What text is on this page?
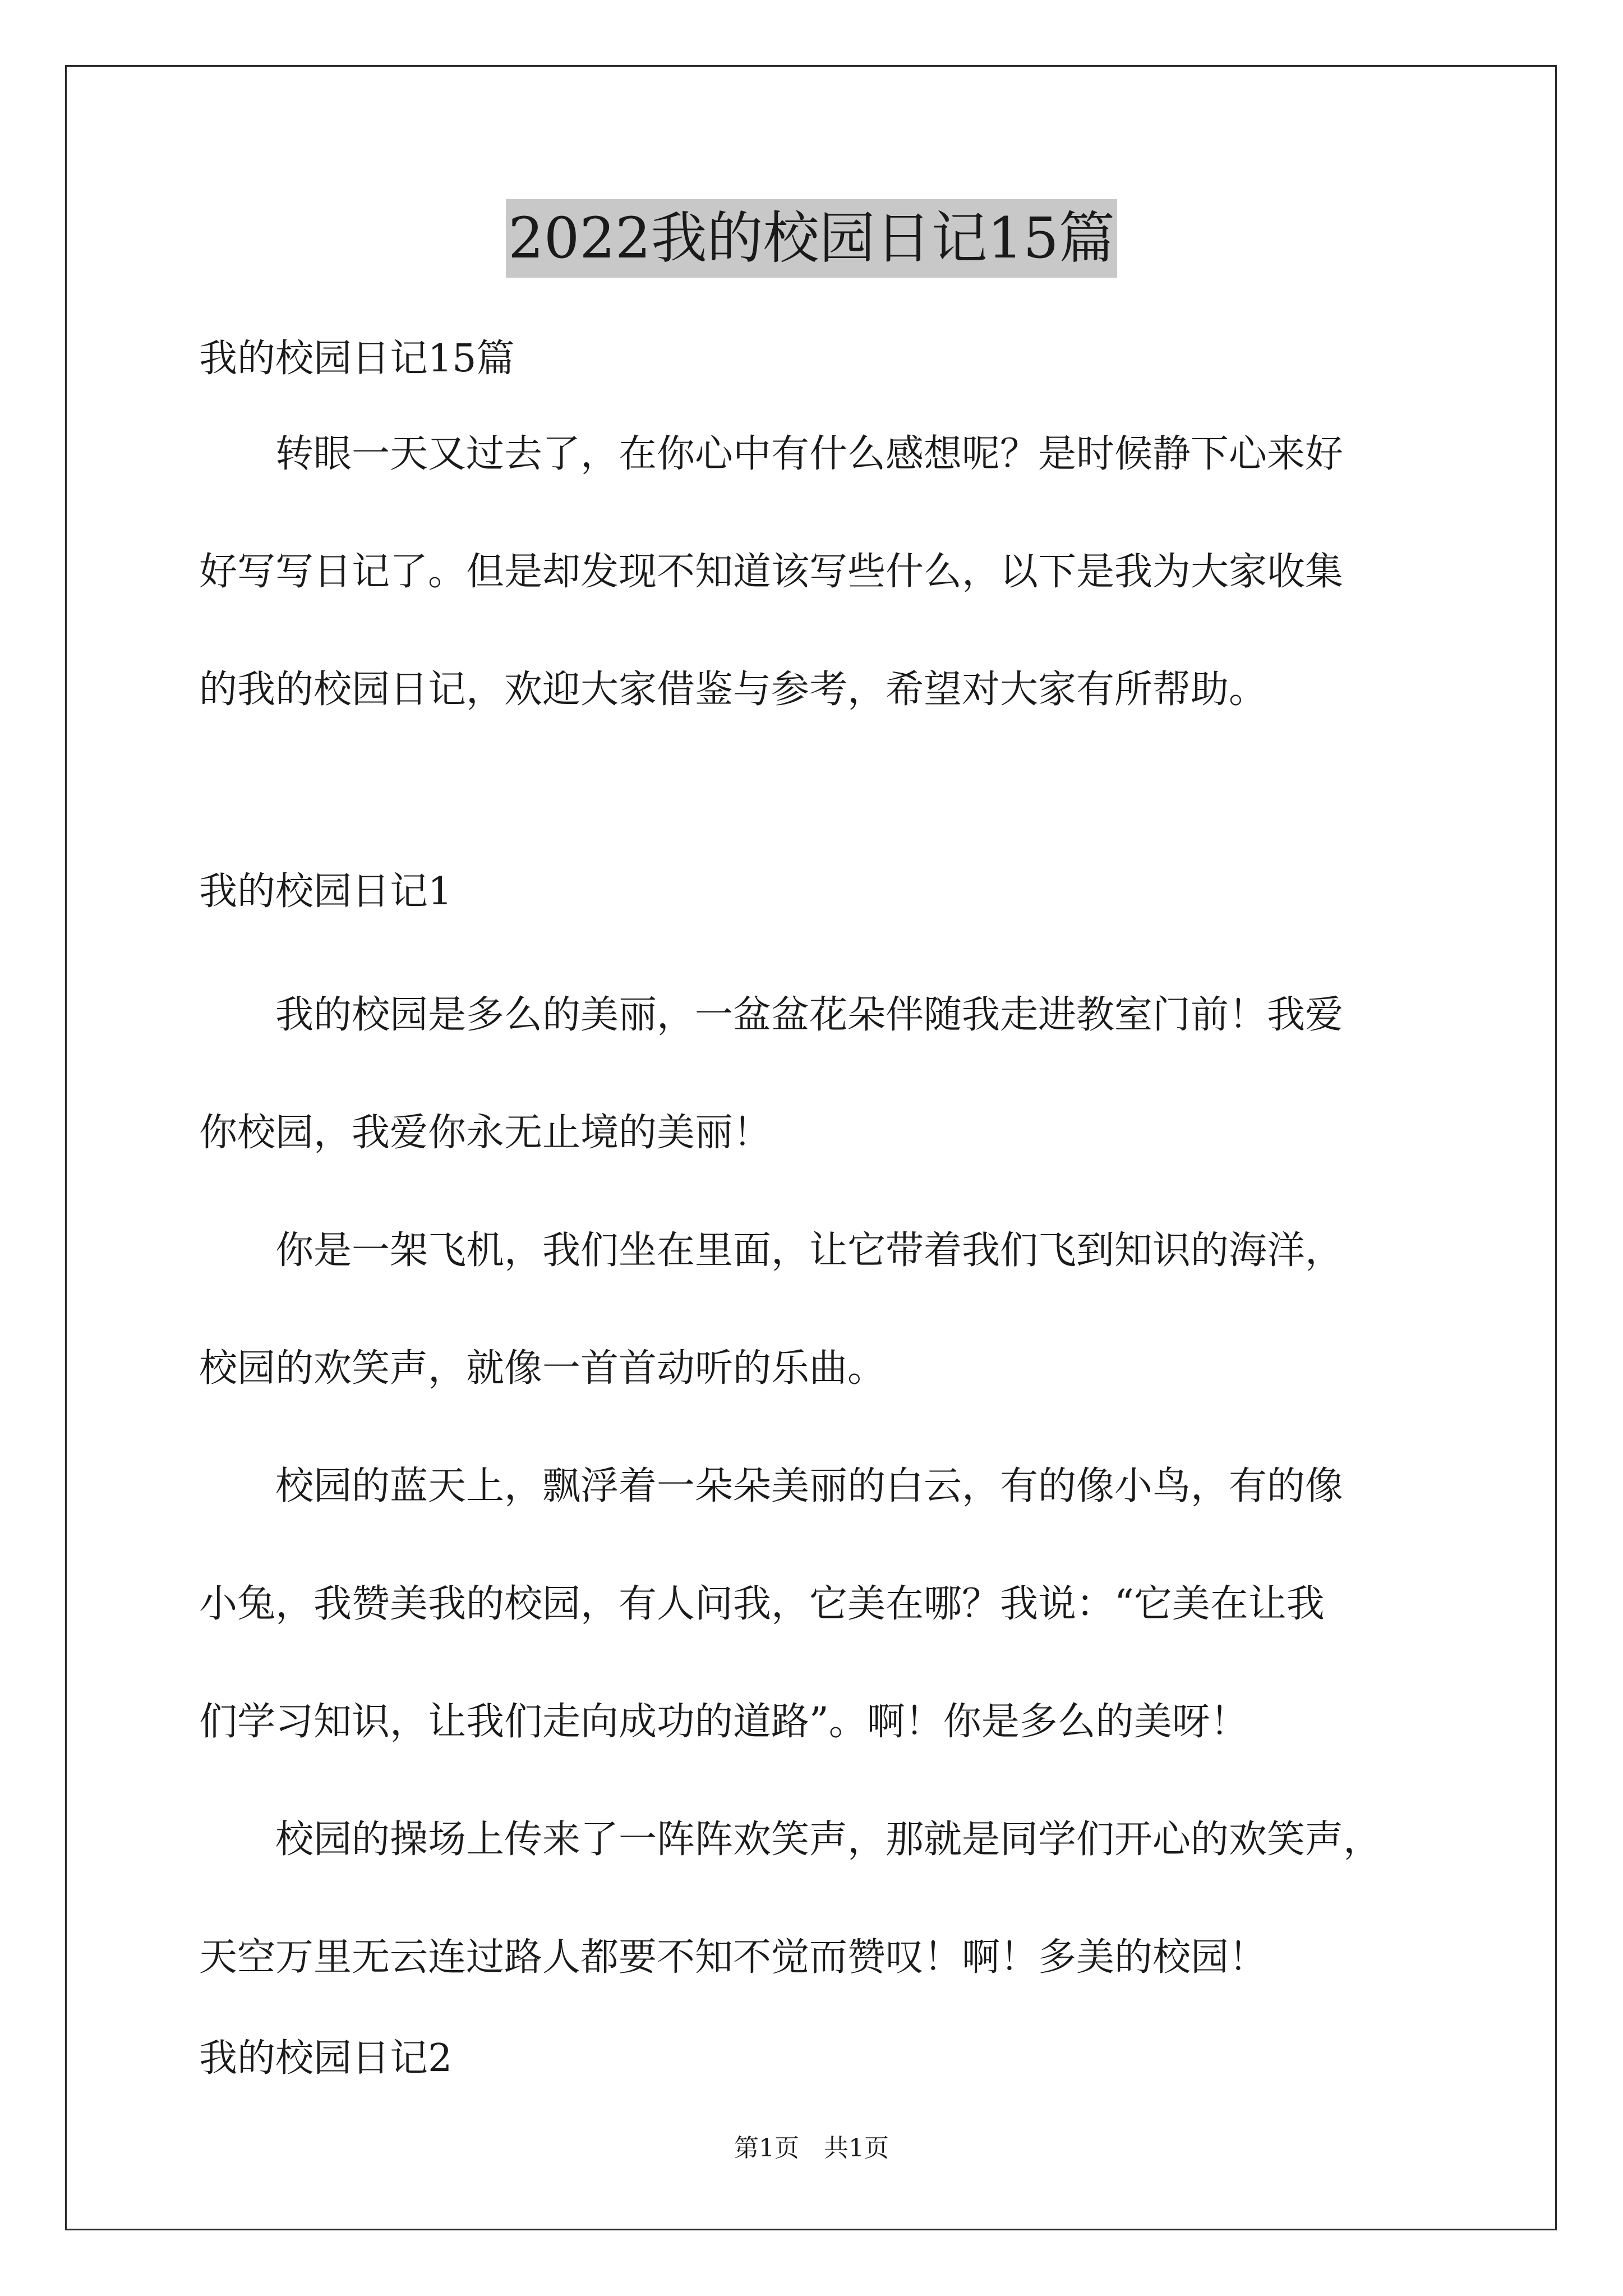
2022我的校园日记15篇
我的校园日记15篇
　　转眼一天又过去了，在你心中有什么感想呢？是时候静下心来好
好写写日记了。但是却发现不知道该写些什么，以下是我为大家收集
的我的校园日记，欢迎大家借鉴与参考，希望对大家有所帮助。
我的校园日记1
　　我的校园是多么的美丽，一盆盆花朵伴随我走进教室门前！我爱
你校园，我爱你永无止境的美丽！
　　你是一架飞机，我们坐在里面，让它带着我们飞到知识的海洋，
校园的欢笑声，就像一首首动听的乐曲。
　　校园的蓝天上，飘浮着一朵朵美丽的白云，有的像小鸟，有的像
小兔，我赞美我的校园，有人问我，它美在哪？我说：“它美在让我
们学习知识，让我们走向成功的道路”。啊！你是多么的美呀！
　　校园的操场上传来了一阵阵欢笑声，那就是同学们开心的欢笑声，
天空万里无云连过路人都要不知不觉而赞叹！啊！多美的校园！
我的校园日记2
第1页　共1页
